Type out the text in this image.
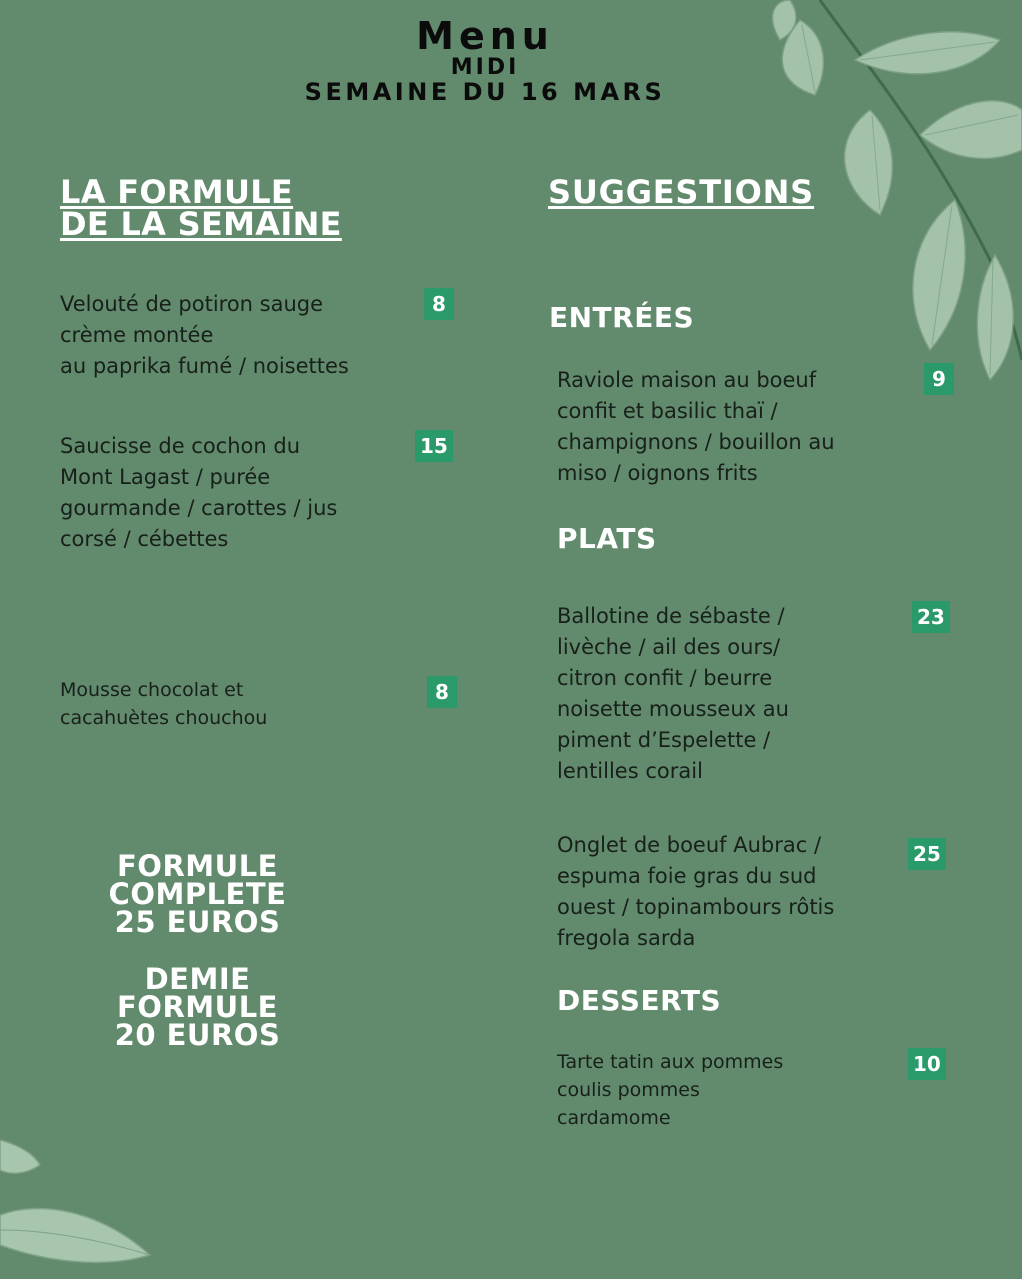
Menu
MIDI
SEMAINE DU 16 MARS
LA FORMULE
DE LA SEMAINE
Velouté de potiron sauge
crème montée
au paprika fumé / noisettes
8
Saucisse de cochon du
Mont Lagast / purée
gourmande / carottes / jus
corsé / cébettes
15
Mousse chocolat et
cacahuètes chouchou
8
FORMULE
COMPLETE
25 EUROS
DEMIE
FORMULE
20 EUROS
SUGGESTIONS
ENTRÉES
Raviole maison au boeuf
confit et basilic thaï /
champignons / bouillon au
miso / oignons frits
9
PLATS
Ballotine de sébaste /
livèche / ail des ours/
citron confit / beurre
noisette mousseux au
piment d’Espelette /
lentilles corail
23
Onglet de boeuf Aubrac /
espuma foie gras du sud
ouest / topinambours rôtis
fregola sarda
25
DESSERTS
Tarte tatin aux pommes
coulis pommes
cardamome
10
